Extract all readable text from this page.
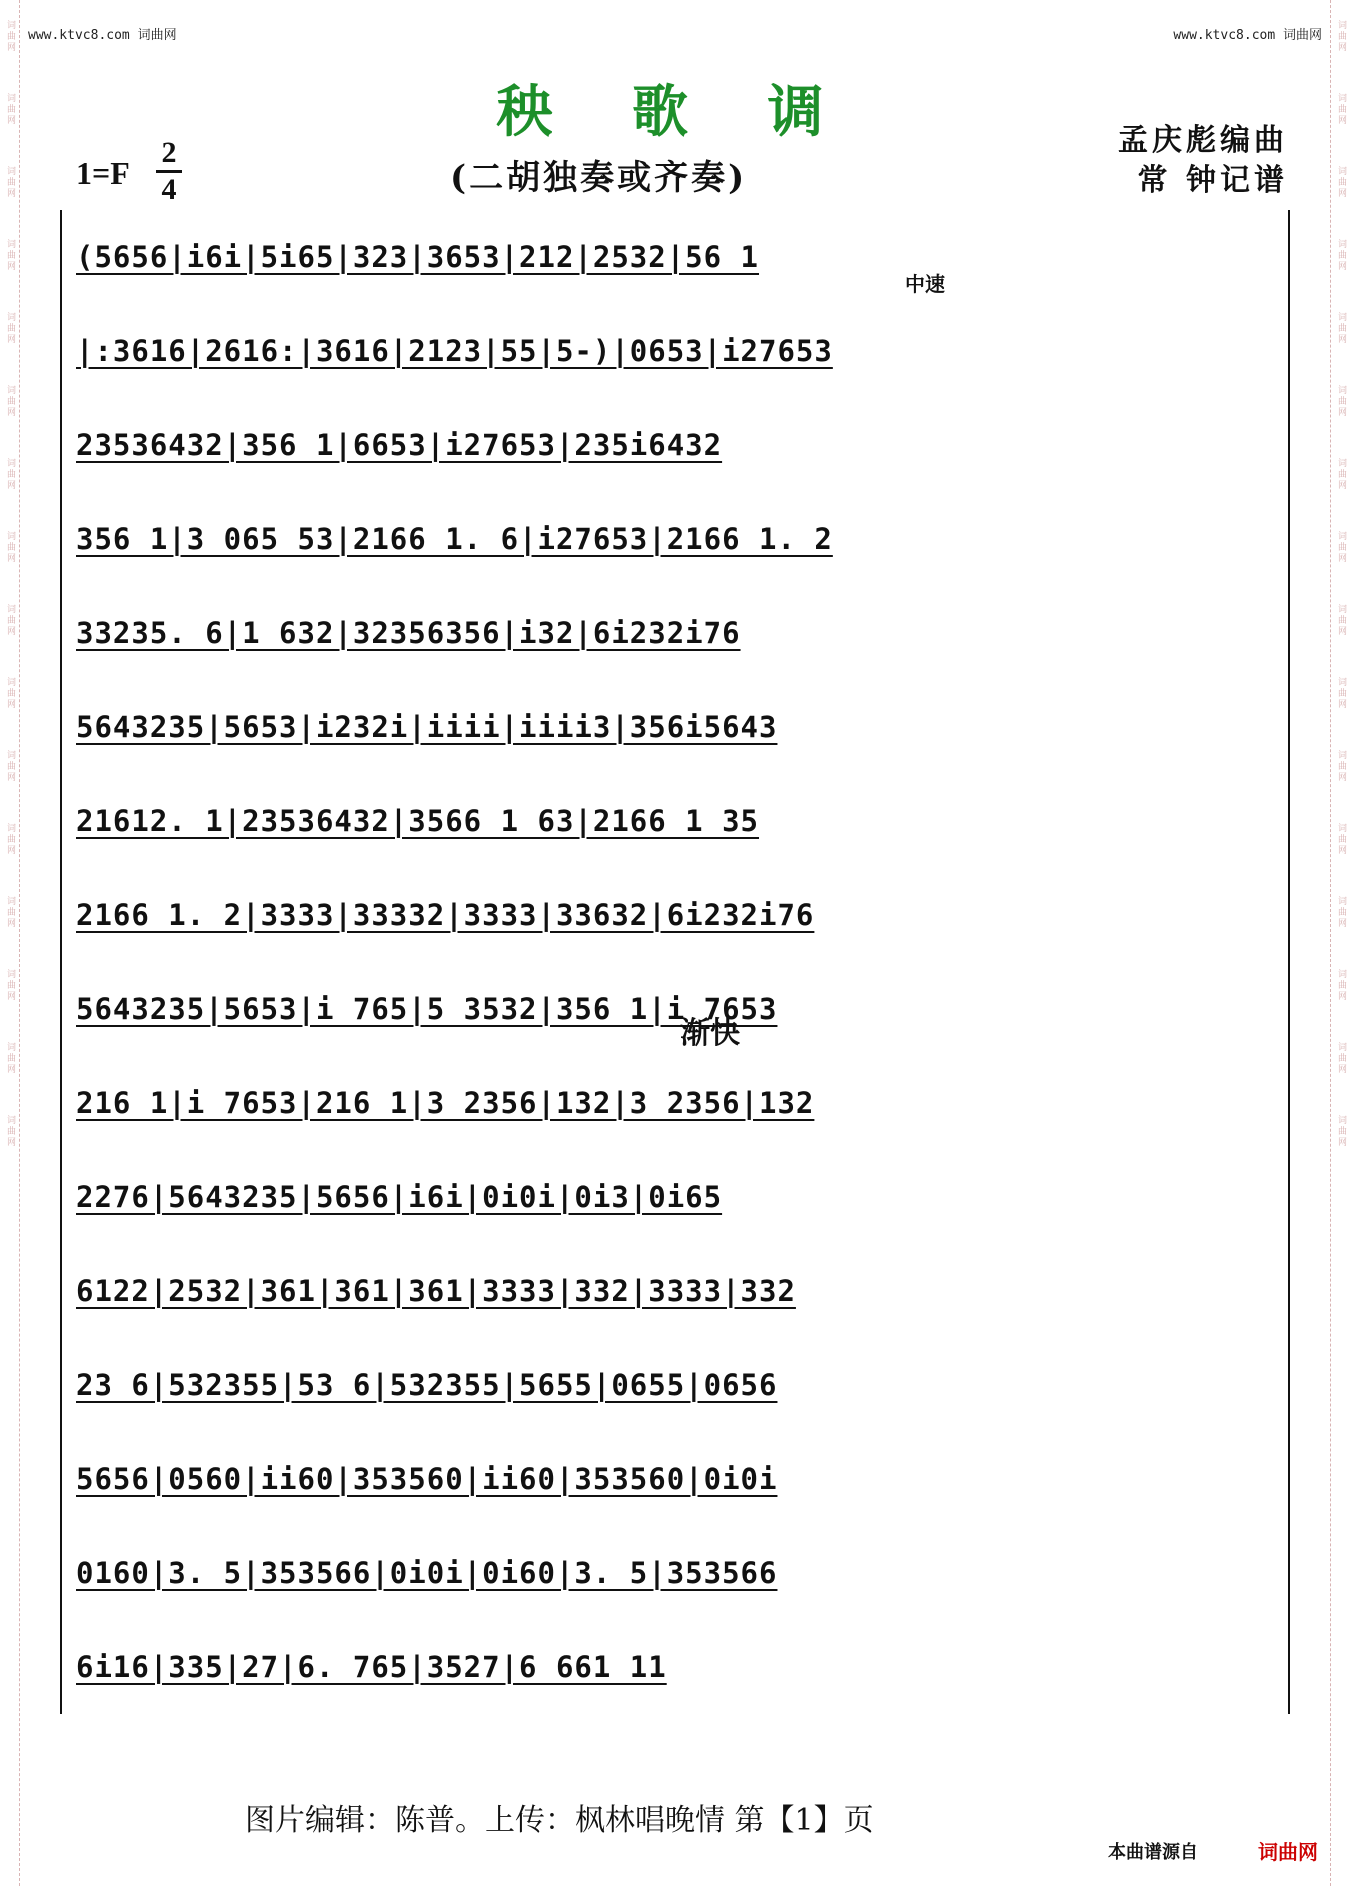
词曲网
词曲网
词曲网
词曲网
词曲网
词曲网
词曲网
词曲网
词曲网
词曲网
词曲网
词曲网
词曲网
词曲网
词曲网
词曲网
词曲网
词曲网
词曲网
词曲网
词曲网
词曲网
词曲网
词曲网
词曲网
词曲网
词曲网
词曲网
词曲网
词曲网
词曲网
词曲网
www.ktvc8.com 词曲网	www.ktvc8.com 词曲网
秧 歌 调
(二胡独奏或齐奏)
1=F
2
4
孟庆彪编曲
常 钟记谱
中速
渐快
(5656|i6i|5i65|323|3653|212|2532|56 1
|:3616|2616:|3616|2123|55|5-)|0653|i27653
23536432|356 1|6653|i27653|235i6432
356 1|3 065 53|2166 1. 6|i27653|2166 1. 2
33235. 6|1 632|32356356|i32|6i232i76
5643235|5653|i232i|iiii|iiii3|356i5643
21612. 1|23536432|3566 1 63|2166 1 35
2166 1. 2|3333|33332|3333|33632|6i232i76
5643235|5653|i 765|5 3532|356 1|i 7653
216 1|i 7653|216 1|3 2356|132|3 2356|132
2276|5643235|5656|i6i|0i0i|0i3|0i65
6122|2532|361|361|361|3333|332|3333|332
23 6|532355|53 6|532355|5655|0655|0656
5656|0560|ii60|353560|ii60|353560|0i0i
0160|3. 5|353566|0i0i|0i60|3. 5|353566
6i16|335|27|6. 765|3527|6 661 11
图片编辑：陈普。上传：枫林唱晚情 第【1】页
本曲谱源自	词曲网
